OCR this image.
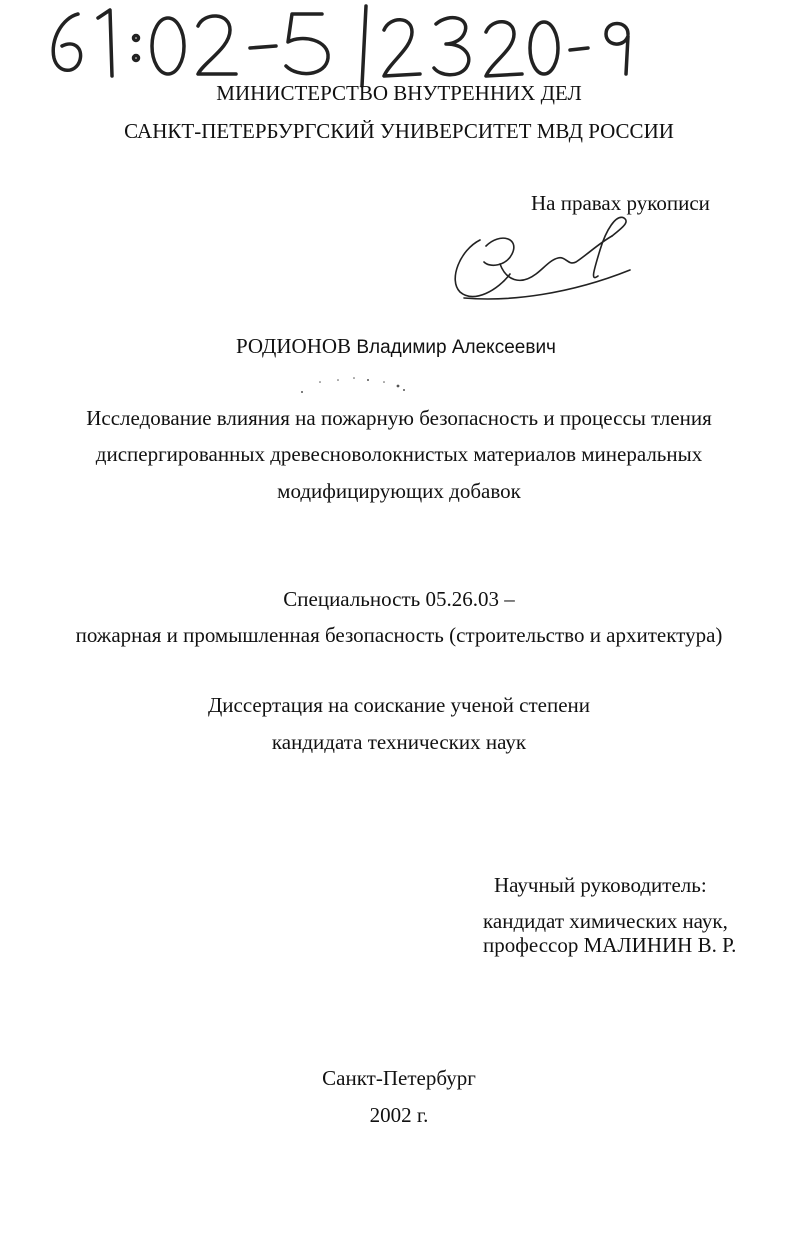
МИНИСТЕРСТВО ВНУТРЕННИХ ДЕЛ
САНКТ-ПЕТЕРБУРГСКИЙ УНИВЕРСИТЕТ МВД РОССИИ
На правах рукописи
РОДИОНОВ Владимир Алексеевич
Исследование влияния на пожарную безопасность и процессы тления
диспергированных древесноволокнистых материалов минеральных
модифицирующих добавок
Специальность 05.26.03 –
пожарная и промышленная безопасность (строительство и архитектура)
Диссертация на соискание ученой степени
кандидата технических наук
Научный руководитель:
кандидат химических наук,
профессор МАЛИНИН В. Р.
Санкт-Петербург
2002 г.
